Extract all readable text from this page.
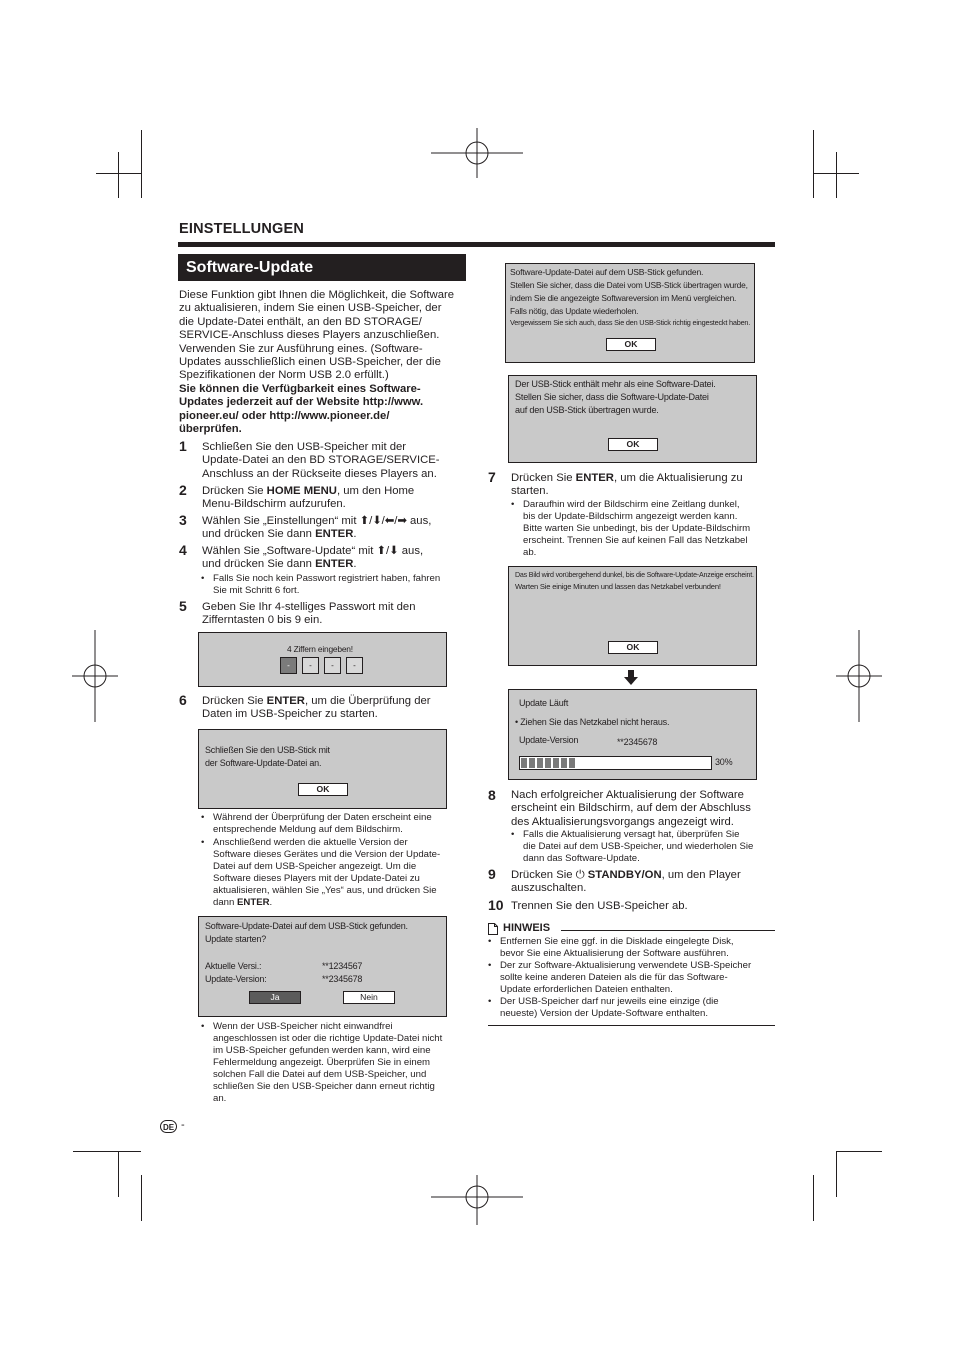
EINSTELLUNGEN
Software-Update
Diese Funktion gibt Ihnen die Möglichkeit, die Software
zu aktualisieren, indem Sie einen USB-Speicher, der
die Update-Datei enthält, an den BD STORAGE/
SERVICE-Anschluss dieses Players anzuschließen.
Verwenden Sie zur Ausführung eines. (Software-
Updates ausschließlich einen USB-Speicher, der die
Spezifikationen der Norm USB 2.0 erfüllt.)
Sie können die Verfügbarkeit eines Software-
Updates jederzeit auf der Website http://www.
pioneer.eu/ oder http://www.pioneer.de/
überprüfen.
1 Schließen Sie den USB-Speicher mit der
Update-Datei an den BD STORAGE/SERVICE-
Anschluss an der Rückseite dieses Players an.
2 Drücken Sie HOME MENU, um den Home
Menu-Bildschirm aufzurufen.
3 Wählen Sie „Einstellungen“ mit ⬆/⬇/⬅/➡ aus,
und drücken Sie dann ENTER.
4 Wählen Sie „Software-Update“ mit ⬆/⬇ aus,
und drücken Sie dann ENTER.
• Falls Sie noch kein Passwort registriert haben, fahren
Sie mit Schritt 6 fort.
5 Geben Sie Ihr 4-stelliges Passwort mit den
Zifferntasten 0 bis 9 ein.
4 Ziffern eingeben!
-	-	-	-
6 Drücken Sie ENTER, um die Überprüfung der
Daten im USB-Speicher zu starten.
Schließen Sie den USB-Stick mit
der Software-Update-Datei an.
OK
• Während der Überprüfung der Daten erscheint eine
entsprechende Meldung auf dem Bildschirm.
• Anschließend werden die aktuelle Version der
Software dieses Gerätes und die Version der Update-
Datei auf dem USB-Speicher angezeigt. Um die
Software dieses Players mit der Update-Datei zu
aktualisieren, wählen Sie „Yes“ aus, und drücken Sie
dann ENTER.
Software-Update-Datei auf dem USB-Stick gefunden.
Update starten?
Aktuelle Versi.:	**1234567
Update-Version:	**2345678
Ja	Nein
• Wenn der USB-Speicher nicht einwandfrei
angeschlossen ist oder die richtige Update-Datei nicht
im USB-Speicher gefunden werden kann, wird eine
Fehlermeldung angezeigt. Überprüfen Sie in einem
solchen Fall die Datei auf dem USB-Speicher, und
schließen Sie den USB-Speicher dann erneut richtig
an.
DE -
Software-Update-Datei auf dem USB-Stick gefunden.
Stellen Sie sicher, dass die Datei vom USB-Stick übertragen wurde,
indem Sie die angezeigte Softwareversion im Menü vergleichen.
Falls nötig, das Update wiederholen.
Vergewissern Sie sich auch, dass Sie den USB-Stick richtig eingesteckt haben.
OK
Der USB-Stick enthält mehr als eine Software-Datei.
Stellen Sie sicher, dass die Software-Update-Datei
auf den USB-Stick übertragen wurde.
OK
7 Drücken Sie ENTER, um die Aktualisierung zu
starten.
• Daraufhin wird der Bildschirm eine Zeitlang dunkel,
bis der Update-Bildschirm angezeigt werden kann.
Bitte warten Sie unbedingt, bis der Update-Bildschirm
erscheint. Trennen Sie auf keinen Fall das Netzkabel
ab.
Das Bild wird vorübergehend dunkel, bis die Software-Update-Anzeige erscheint.
Warten Sie einige Minuten und lassen das Netzkabel verbunden!
OK
Update Läuft
• Ziehen Sie das Netzkabel nicht heraus.
Update-Version	**2345678
30%
8 Nach erfolgreicher Aktualisierung der Software
erscheint ein Bildschirm, auf dem der Abschluss
des Aktualisierungsvorgangs angezeigt wird.
• Falls die Aktualisierung versagt hat, überprüfen Sie
die Datei auf dem USB-Speicher, und wiederholen Sie
dann das Software-Update.
9 Drücken Sie ⏻ STANDBY/ON, um den Player
auszuschalten.
10 Trennen Sie den USB-Speicher ab.
HINWEIS
• Entfernen Sie eine ggf. in die Disklade eingelegte Disk,
bevor Sie eine Aktualisierung der Software ausführen.
• Der zur Software-Aktualisierung verwendete USB-Speicher
sollte keine anderen Dateien als die für das Software-
Update erforderlichen Dateien enthalten.
• Der USB-Speicher darf nur jeweils eine einzige (die
neueste) Version der Update-Software enthalten.
